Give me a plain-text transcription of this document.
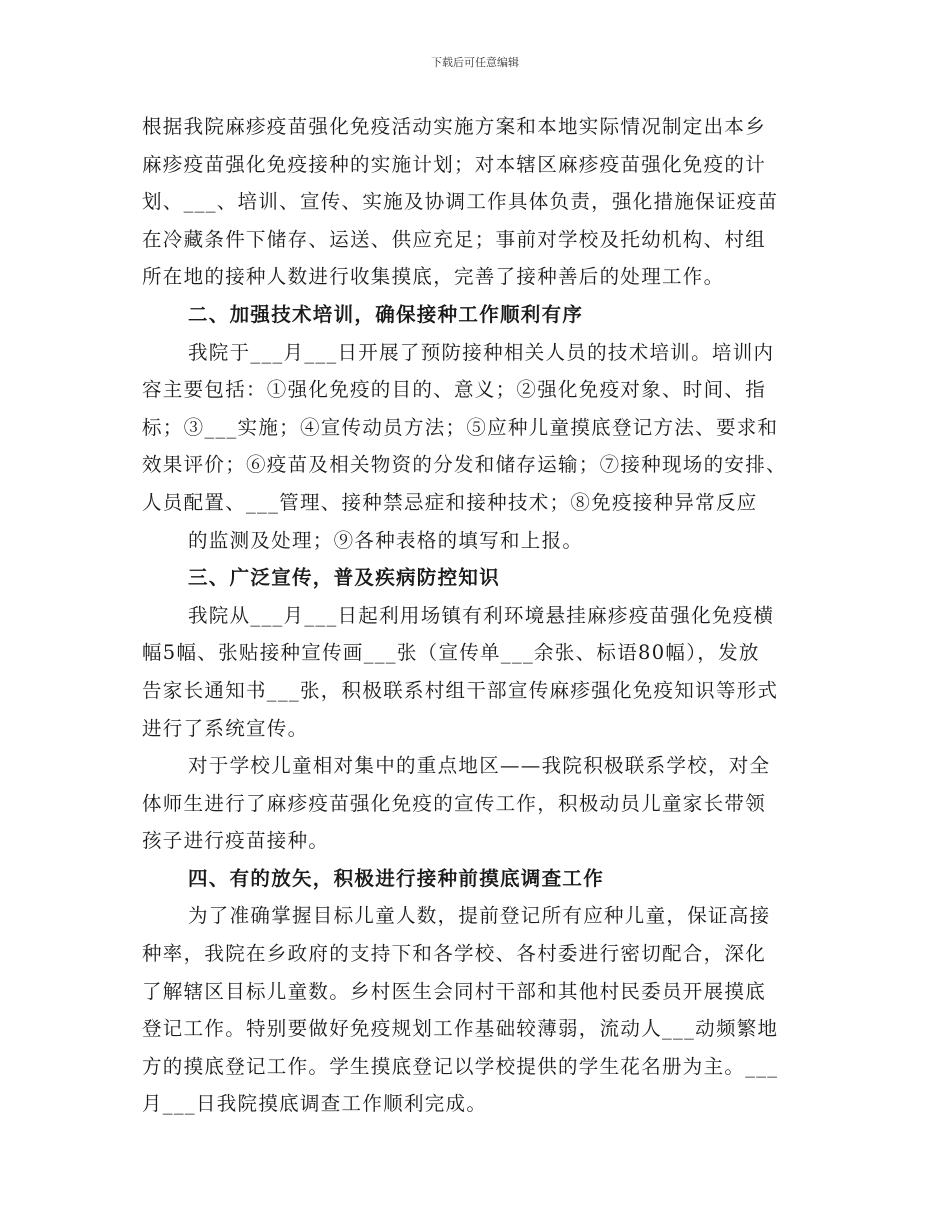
下载后可任意编辑
根据我院麻疹疫苗强化免疫活动实施方案和本地实际情况制定出本乡
麻疹疫苗强化免疫接种的实施计划；对本辖区麻疹疫苗强化免疫的计
划、___、培训、宣传、实施及协调工作具体负责，强化措施保证疫苗
在冷藏条件下储存、运送、供应充足；事前对学校及托幼机构、村组
所在地的接种人数进行收集摸底，完善了接种善后的处理工作。
二、加强技术培训，确保接种工作顺利有序
我院于___月___日开展了预防接种相关人员的技术培训。培训内
容主要包括：①强化免疫的目的、意义；②强化免疫对象、时间、指
标；③___实施；④宣传动员方法；⑤应种儿童摸底登记方法、要求和
效果评价；⑥疫苗及相关物资的分发和储存运输；⑦接种现场的安排、
人员配置、___管理、接种禁忌症和接种技术；⑧免疫接种异常反应
的监测及处理；⑨各种表格的填写和上报。
三、广泛宣传，普及疾病防控知识
我院从___月___日起利用场镇有利环境悬挂麻疹疫苗强化免疫横
幅5幅、张贴接种宣传画___张（宣传单___余张、标语80幅），发放
告家长通知书___张，积极联系村组干部宣传麻疹强化免疫知识等形式
进行了系统宣传。
对于学校儿童相对集中的重点地区——我院积极联系学校，对全
体师生进行了麻疹疫苗强化免疫的宣传工作，积极动员儿童家长带领
孩子进行疫苗接种。
四、有的放矢，积极进行接种前摸底调查工作
为了准确掌握目标儿童人数，提前登记所有应种儿童，保证高接
种率，我院在乡政府的支持下和各学校、各村委进行密切配合，深化
了解辖区目标儿童数。乡村医生会同村干部和其他村民委员开展摸底
登记工作。特别要做好免疫规划工作基础较薄弱，流动人___动频繁地
方的摸底登记工作。学生摸底登记以学校提供的学生花名册为主。___
月___日我院摸底调查工作顺利完成。
